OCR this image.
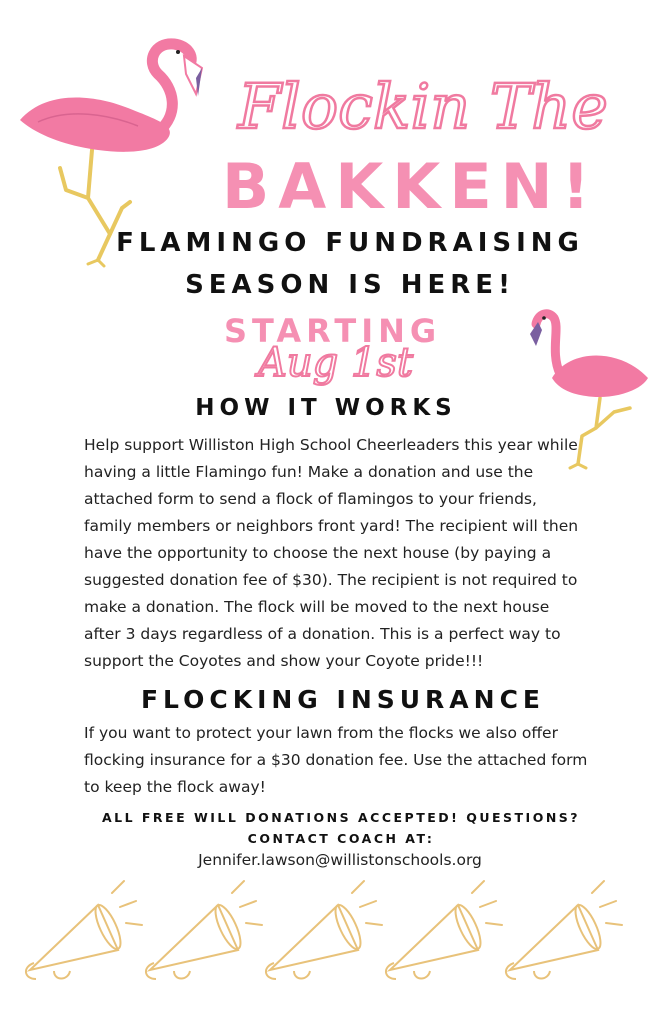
Flockin The
BAKKEN!
FLAMINGO FUNDRAISING
SEASON IS HERE!
STARTING
Aug 1st
HOW IT WORKS
Help support Williston High School Cheerleaders this year while having a little Flamingo fun! Make a donation and use the attached form to send a flock of flamingos to your friends, family members or neighbors front yard! The recipient will then have the opportunity to choose the next house (by paying a suggested donation fee of $30). The recipient is not required to make a donation. The flock will be moved to the next house after 3 days regardless of a donation. This is a perfect way to support the Coyotes and show your Coyote pride!!!
FLOCKING INSURANCE
If you want to protect your lawn from the flocks we also offer flocking insurance for a $30 donation fee. Use the attached form to keep the flock away!
ALL FREE WILL DONATIONS ACCEPTED! QUESTIONS?
CONTACT COACH AT:
Jennifer.lawson@willistonschools.org
